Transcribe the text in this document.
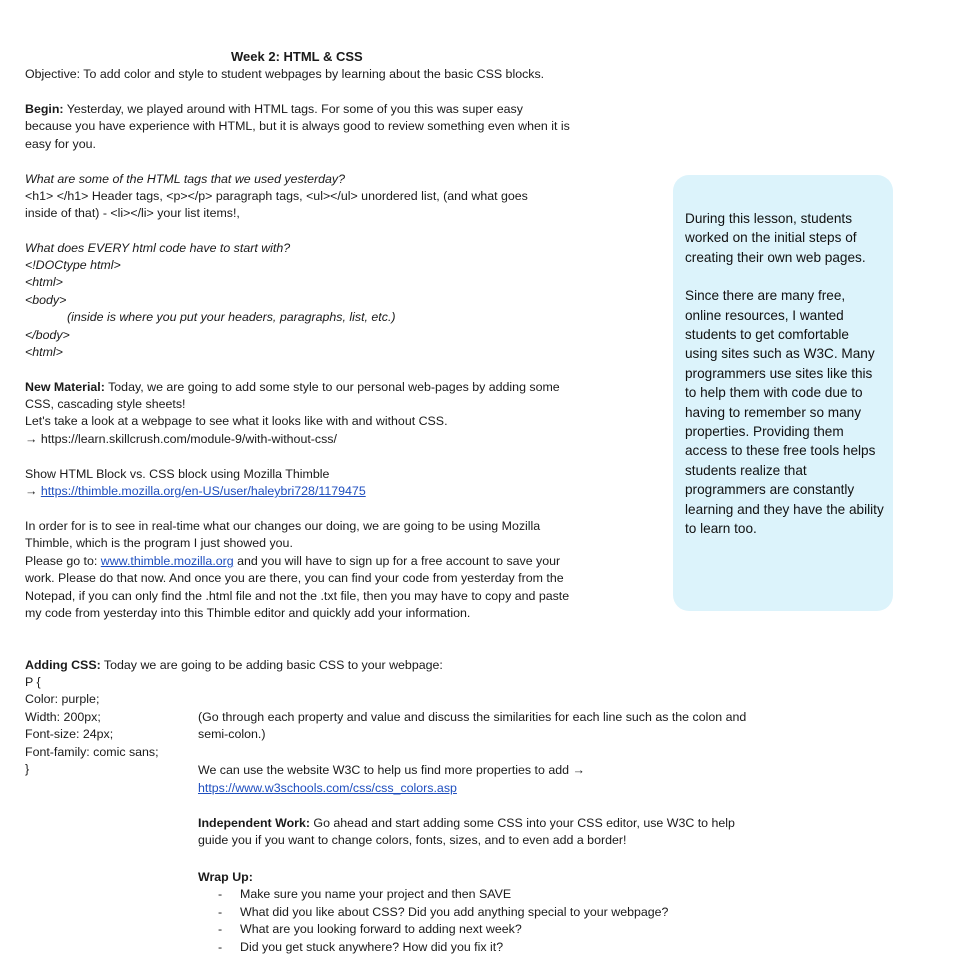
Week 2: HTML & CSS

Objective: To add color and style to student webpages by learning about the basic CSS blocks.

Begin: Yesterday, we played around with HTML tags. For some of you this was super easy because you have experience with HTML, but it is always good to review something even when it is easy for you.

What are some of the HTML tags that we used yesterday?

<h1> </h1> Header tags, <p></p> paragraph tags, <ul></ul> unordered list, (and what goes inside of that) - <li></li> your list items!,

What does EVERY html code have to start with?

<!DOCtype html>
<html>
<body>
(inside is where you put your headers, paragraphs, list, etc.)
</body>
<html>

New Material: Today, we are going to add some style to our personal web-pages by adding some CSS, cascading style sheets!

Let's take a look at a webpage to see what it looks like with and without CSS.

→ https://learn.skillcrush.com/module-9/with-without-css/

Show HTML Block vs. CSS block using Mozilla Thimble

→ https://thimble.mozilla.org/en-US/user/haleybri728/1179475

In order for is to see in real-time what our changes our doing, we are going to be using Mozilla Thimble, which is the program I just showed you.

Please go to: www.thimble.mozilla.org and you will have to sign up for a free account to save your work. Please do that now. And once you are there, you can find your code from yesterday from the Notepad, if you can only find the .html file and not the .txt file, then you may have to copy and paste my code from yesterday into this Thimble editor and quickly add your information.

Adding CSS: Today we are going to be adding basic CSS to your webpage:

P {
Color: purple;
Width: 200px;
Font-size: 24px;
Font-family: comic sans;
}

(Go through each property and value and discuss the similarities for each line such as the colon and semi-colon.)

We can use the website W3C to help us find more properties to add →

https://www.w3schools.com/css/css_colors.asp

Independent Work: Go ahead and start adding some CSS into your CSS editor, use W3C to help guide you if you want to change colors, fonts, sizes, and to even add a border!

Wrap Up:
- Make sure you name your project and then SAVE
- What did you like about CSS? Did you add anything special to your webpage?
- What are you looking forward to adding next week?
- Did you get stuck anywhere? How did you fix it?

During this lesson, students worked on the initial steps of creating their own web pages.

Since there are many free, online resources, I wanted students to get comfortable using sites such as W3C. Many programmers use sites like this to help them with code due to having to remember so many properties. Providing them access to these free tools helps students realize that programmers are constantly learning and they have the ability to learn too.
